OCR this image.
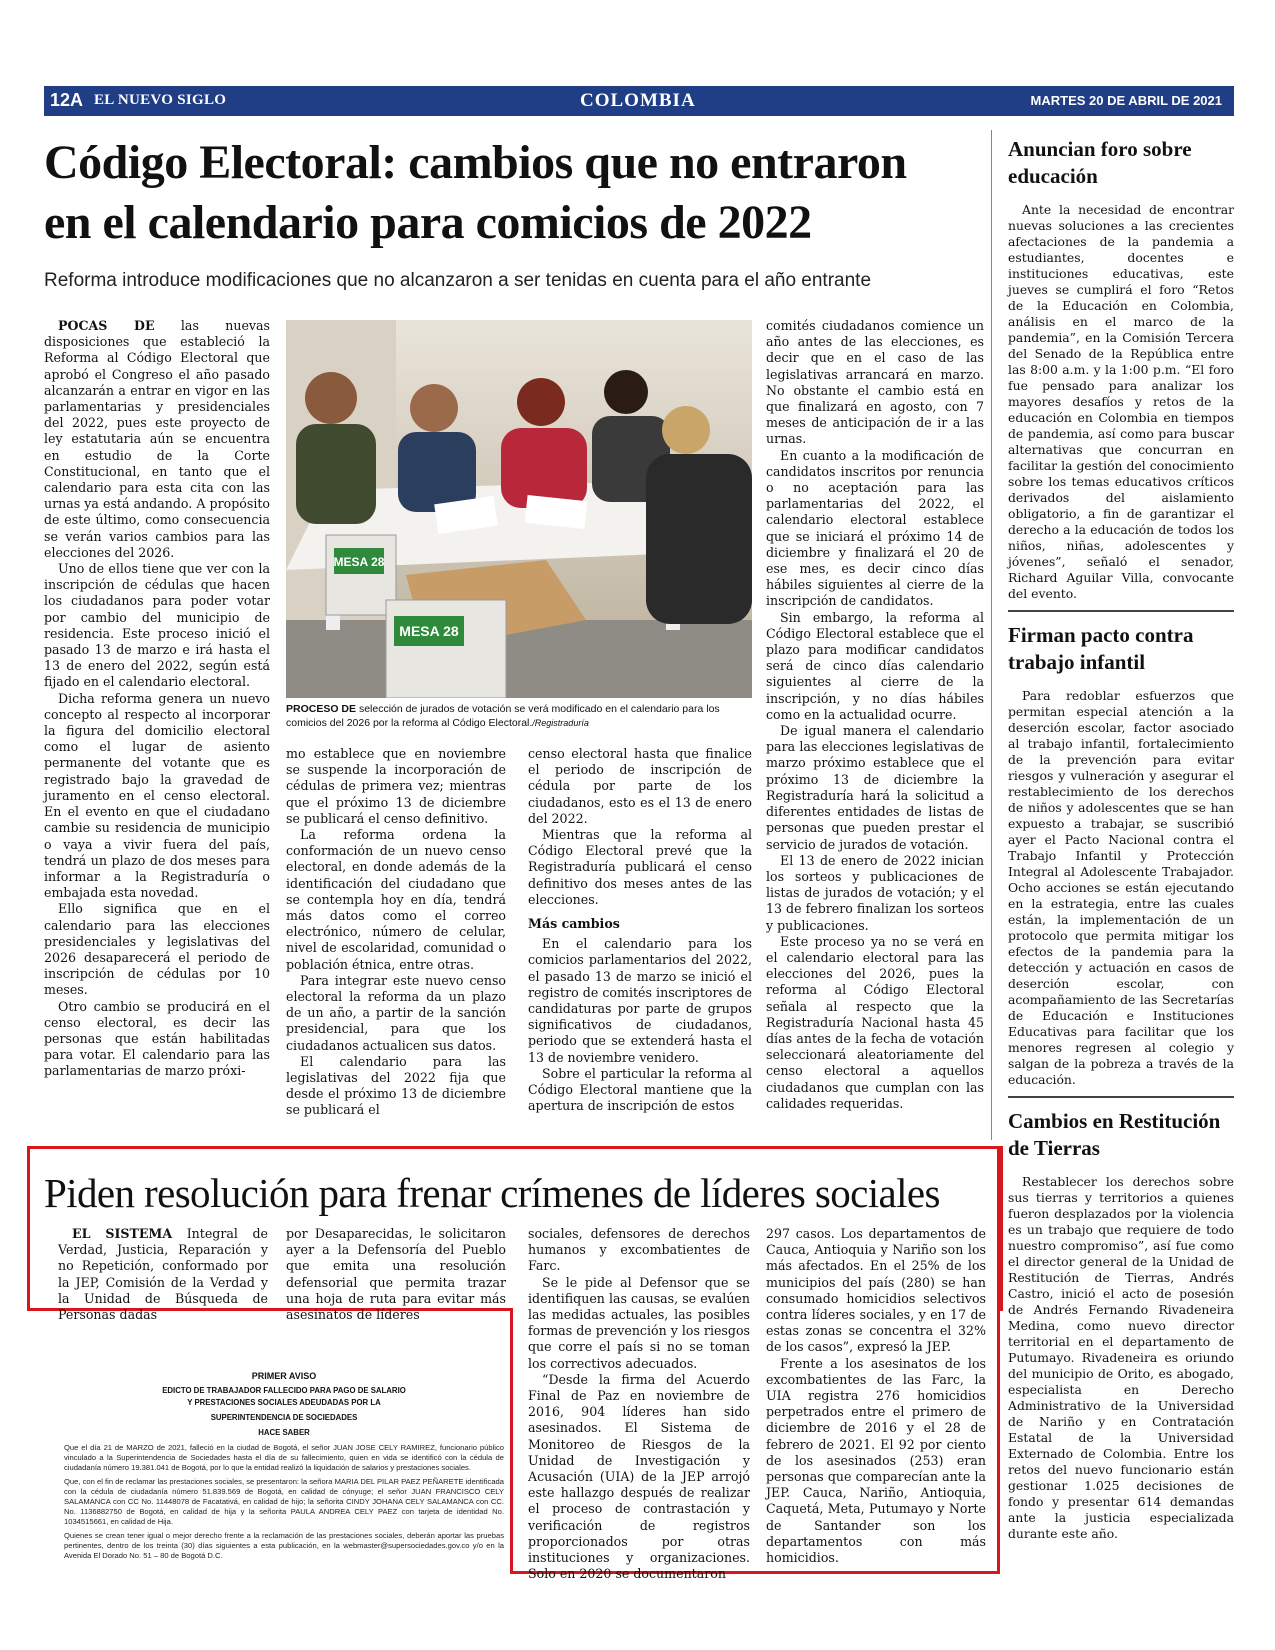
12A EL NUEVO SIGLO	COLOMBIA	MARTES 20 DE ABRIL DE 2021
Código Electoral: cambios que no entraron
en el calendario para comicios de 2022
Reforma introduce modificaciones que no alcanzaron a ser tenidas en cuenta para el año entrante

POCAS DE las nuevas disposiciones que estableció la Reforma al Código Electoral que aprobó el Congreso el año pasado alcanzarán a entrar en vigor en las parlamentarias y presidenciales del 2022, pues este proyecto de ley estatutaria aún se encuentra en estudio de la Corte Constitucional, en tanto que el calendario para esta cita con las urnas ya está andando. A propósito de este último, como consecuencia se verán varios cambios para las elecciones del 2026.

Uno de ellos tiene que ver con la inscripción de cédulas que hacen los ciudadanos para poder votar por cambio del municipio de residencia. Este proceso inició el pasado 13 de marzo e irá hasta el 13 de enero del 2022, según está fijado en el calendario electoral.

Dicha reforma genera un nuevo concepto al respecto al incorporar la figura del domicilio electoral como el lugar de asiento permanente del votante que es registrado bajo la gravedad de juramento en el censo electoral. En el evento en que el ciudadano cambie su residencia de municipio o vaya a vivir fuera del país, tendrá un plazo de dos meses para informar a la Registraduría o embajada esta novedad.

Ello significa que en el calendario para las elecciones presidenciales y legislativas del 2026 desaparecerá el periodo de inscripción de cédulas por 10 meses.

Otro cambio se producirá en el censo electoral, es decir las personas que están habilitadas para votar. El calendario para las parlamentarias de marzo próxi-

MESA 28
MESA 28
PROCESO DE selección de jurados de votación se verá modificado en el calendario para los comicios del 2026 por la reforma al Código Electoral./Registraduría

mo establece que en noviembre se suspende la incorporación de cédulas de primera vez; mientras que el próximo 13 de diciembre se publicará el censo definitivo.

La reforma ordena la conformación de un nuevo censo electoral, en donde además de la identificación del ciudadano que se contempla hoy en día, tendrá más datos como el correo electrónico, número de celular, nivel de escolaridad, comunidad o población étnica, entre otras.

Para integrar este nuevo censo electoral la reforma da un plazo de un año, a partir de la sanción presidencial, para que los ciudadanos actualicen sus datos.

El calendario para las legislativas del 2022 fija que desde el próximo 13 de diciembre se publicará el

censo electoral hasta que finalice el periodo de inscripción de cédula por parte de los ciudadanos, esto es el 13 de enero del 2022.

Mientras que la reforma al Código Electoral prevé que la Registraduría publicará el censo definitivo dos meses antes de las elecciones.

Más cambios

En el calendario para los comicios parlamentarios del 2022, el pasado 13 de marzo se inició el registro de comités inscriptores de candidaturas por parte de grupos significativos de ciudadanos, periodo que se extenderá hasta el 13 de noviembre venidero.

Sobre el particular la reforma al Código Electoral mantiene que la apertura de inscripción de estos

comités ciudadanos comience un año antes de las elecciones, es decir que en el caso de las legislativas arrancará en marzo. No obstante el cambio está en que finalizará en agosto, con 7 meses de anticipación de ir a las urnas.

En cuanto a la modificación de candidatos inscritos por renuncia o no aceptación para las parlamentarias del 2022, el calendario electoral establece que se iniciará el próximo 14 de diciembre y finalizará el 20 de ese mes, es decir cinco días hábiles siguientes al cierre de la inscripción de candidatos.

Sin embargo, la reforma al Código Electoral establece que el plazo para modificar candidatos será de cinco días calendario siguientes al cierre de la inscripción, y no días hábiles como en la actualidad ocurre.

De igual manera el calendario para las elecciones legislativas de marzo próximo establece que el próximo 13 de diciembre la Registraduría hará la solicitud a diferentes entidades de listas de personas que pueden prestar el servicio de jurados de votación.

El 13 de enero de 2022 inician los sorteos y publicaciones de listas de jurados de votación; y el 13 de febrero finalizan los sorteos y publicaciones.

Este proceso ya no se verá en el calendario electoral para las elecciones del 2026, pues la reforma al Código Electoral señala al respecto que la Registraduría Nacional hasta 45 días antes de la fecha de votación seleccionará aleatoriamente del censo electoral a aquellos ciudadanos que cumplan con las calidades requeridas.

Piden resolución para frenar crímenes de líderes sociales

EL SISTEMA Integral de Verdad, Justicia, Reparación y no Repetición, conformado por la JEP, Comisión de la Verdad y la Unidad de Búsqueda de Personas dadas

por Desaparecidas, le solicitaron ayer a la Defensoría del Pueblo que emita una resolución defensorial que permita trazar una hoja de ruta para evitar más asesinatos de líderes

sociales, defensores de derechos humanos y excombatientes de Farc.

Se le pide al Defensor que se identifiquen las causas, se evalúen las medidas actuales, las posibles formas de prevención y los riesgos que corre el país si no se toman los correctivos adecuados.

“Desde la firma del Acuerdo Final de Paz en noviembre de 2016, 904 líderes han sido asesinados. El Sistema de Monitoreo de Riesgos de la Unidad de Investigación y Acusación (UIA) de la JEP arrojó este hallazgo después de realizar el proceso de contrastación y verificación de registros proporcionados por otras instituciones y organizaciones. Solo en 2020 se documentaron

297 casos. Los departamentos de Cauca, Antioquia y Nariño son los más afectados. En el 25% de los municipios del país (280) se han consumado homicidios selectivos contra líderes sociales, y en 17 de estas zonas se concentra el 32% de los casos”, expresó la JEP.

Frente a los asesinatos de los excombatientes de las Farc, la UIA registra 276 homicidios perpetrados entre el primero de diciembre de 2016 y el 28 de febrero de 2021. El 92 por ciento de los asesinados (253) eran personas que comparecían ante la JEP. Cauca, Nariño, Antioquia, Caquetá, Meta, Putumayo y Norte de Santander son los departamentos con más homicidios.

PRIMER AVISO
EDICTO DE TRABAJADOR FALLECIDO PARA PAGO DE SALARIO
Y PRESTACIONES SOCIALES ADEUDADAS POR LA
SUPERINTENDENCIA DE SOCIEDADES
HACE SABER
Que el día 21 de MARZO de 2021, falleció en la ciudad de Bogotá, el señor JUAN JOSE CELY RAMIREZ, funcionario público vinculado a la Superintendencia de Sociedades hasta el día de su fallecimiento, quien en vida se identificó con la cédula de ciudadanía número 19.381.041 de Bogotá, por lo que la entidad realizó la liquidación de salarios y prestaciones sociales.
Que, con el fin de reclamar las prestaciones sociales, se presentaron: la señora MARIA DEL PILAR PAEZ PEÑARETE identificada con la cédula de ciudadanía número 51.839.569 de Bogotá, en calidad de cónyuge; el señor JUAN FRANCISCO CELY SALAMANCA con CC No. 11448078 de Facatativá, en calidad de hijo; la señorita CINDY JOHANA CELY SALAMANCA con CC. No. 1136882750 de Bogotá, en calidad de hija y la señorita PAULA ANDREA CELY PAEZ con tarjeta de identidad No. 1034515661, en calidad de Hija.
Quienes se crean tener igual o mejor derecho frente a la reclamación de las prestaciones sociales, deberán aportar las pruebas pertinentes, dentro de los treinta (30) días siguientes a esta publicación, en la webmaster@supersociedades.gov.co y/o en la Avenida El Dorado No. 51 – 80 de Bogotá D.C.
Anuncian foro sobre educación

Ante la necesidad de encontrar nuevas soluciones a las crecientes afectaciones de la pandemia a estudiantes, docentes e instituciones educativas, este jueves se cumplirá el foro “Retos de la Educación en Colombia, análisis en el marco de la pandemia”, en la Comisión Tercera del Senado de la República entre las 8:00 a.m. y la 1:00 p.m. “El foro fue pensado para analizar los mayores desafíos y retos de la educación en Colombia en tiempos de pandemia, así como para buscar alternativas que concurran en facilitar la gestión del conocimiento sobre los temas educativos críticos derivados del aislamiento obligatorio, a fin de garantizar el derecho a la educación de todos los niños, niñas, adolescentes y jóvenes”, señaló el senador, Richard Aguilar Villa, convocante del evento.

Firman pacto contra trabajo infantil

Para redoblar esfuerzos que permitan especial atención a la deserción escolar, factor asociado al trabajo infantil, fortalecimiento de la prevención para evitar riesgos y vulneración y asegurar el restablecimiento de los derechos de niños y adolescentes que se han expuesto a trabajar, se suscribió ayer el Pacto Nacional contra el Trabajo Infantil y Protección Integral al Adolescente Trabajador. Ocho acciones se están ejecutando en la estrategia, entre las cuales están, la implementación de un protocolo que permita mitigar los efectos de la pandemia para la detección y actuación en casos de deserción escolar, con acompañamiento de las Secretarías de Educación e Instituciones Educativas para facilitar que los menores regresen al colegio y salgan de la pobreza a través de la educación.

Cambios en Restitución de Tierras

Restablecer los derechos sobre sus tierras y territorios a quienes fueron desplazados por la violencia es un trabajo que requiere de todo nuestro compromiso”, así fue como el director general de la Unidad de Restitución de Tierras, Andrés Castro, inició el acto de posesión de Andrés Fernando Rivadeneira Medina, como nuevo director territorial en el departamento de Putumayo. Rivadeneira es oriundo del municipio de Orito, es abogado, especialista en Derecho Administrativo de la Universidad de Nariño y en Contratación Estatal de la Universidad Externado de Colombia. Entre los retos del nuevo funcionario están gestionar 1.025 decisiones de fondo y presentar 614 demandas ante la justicia especializada durante este año.
